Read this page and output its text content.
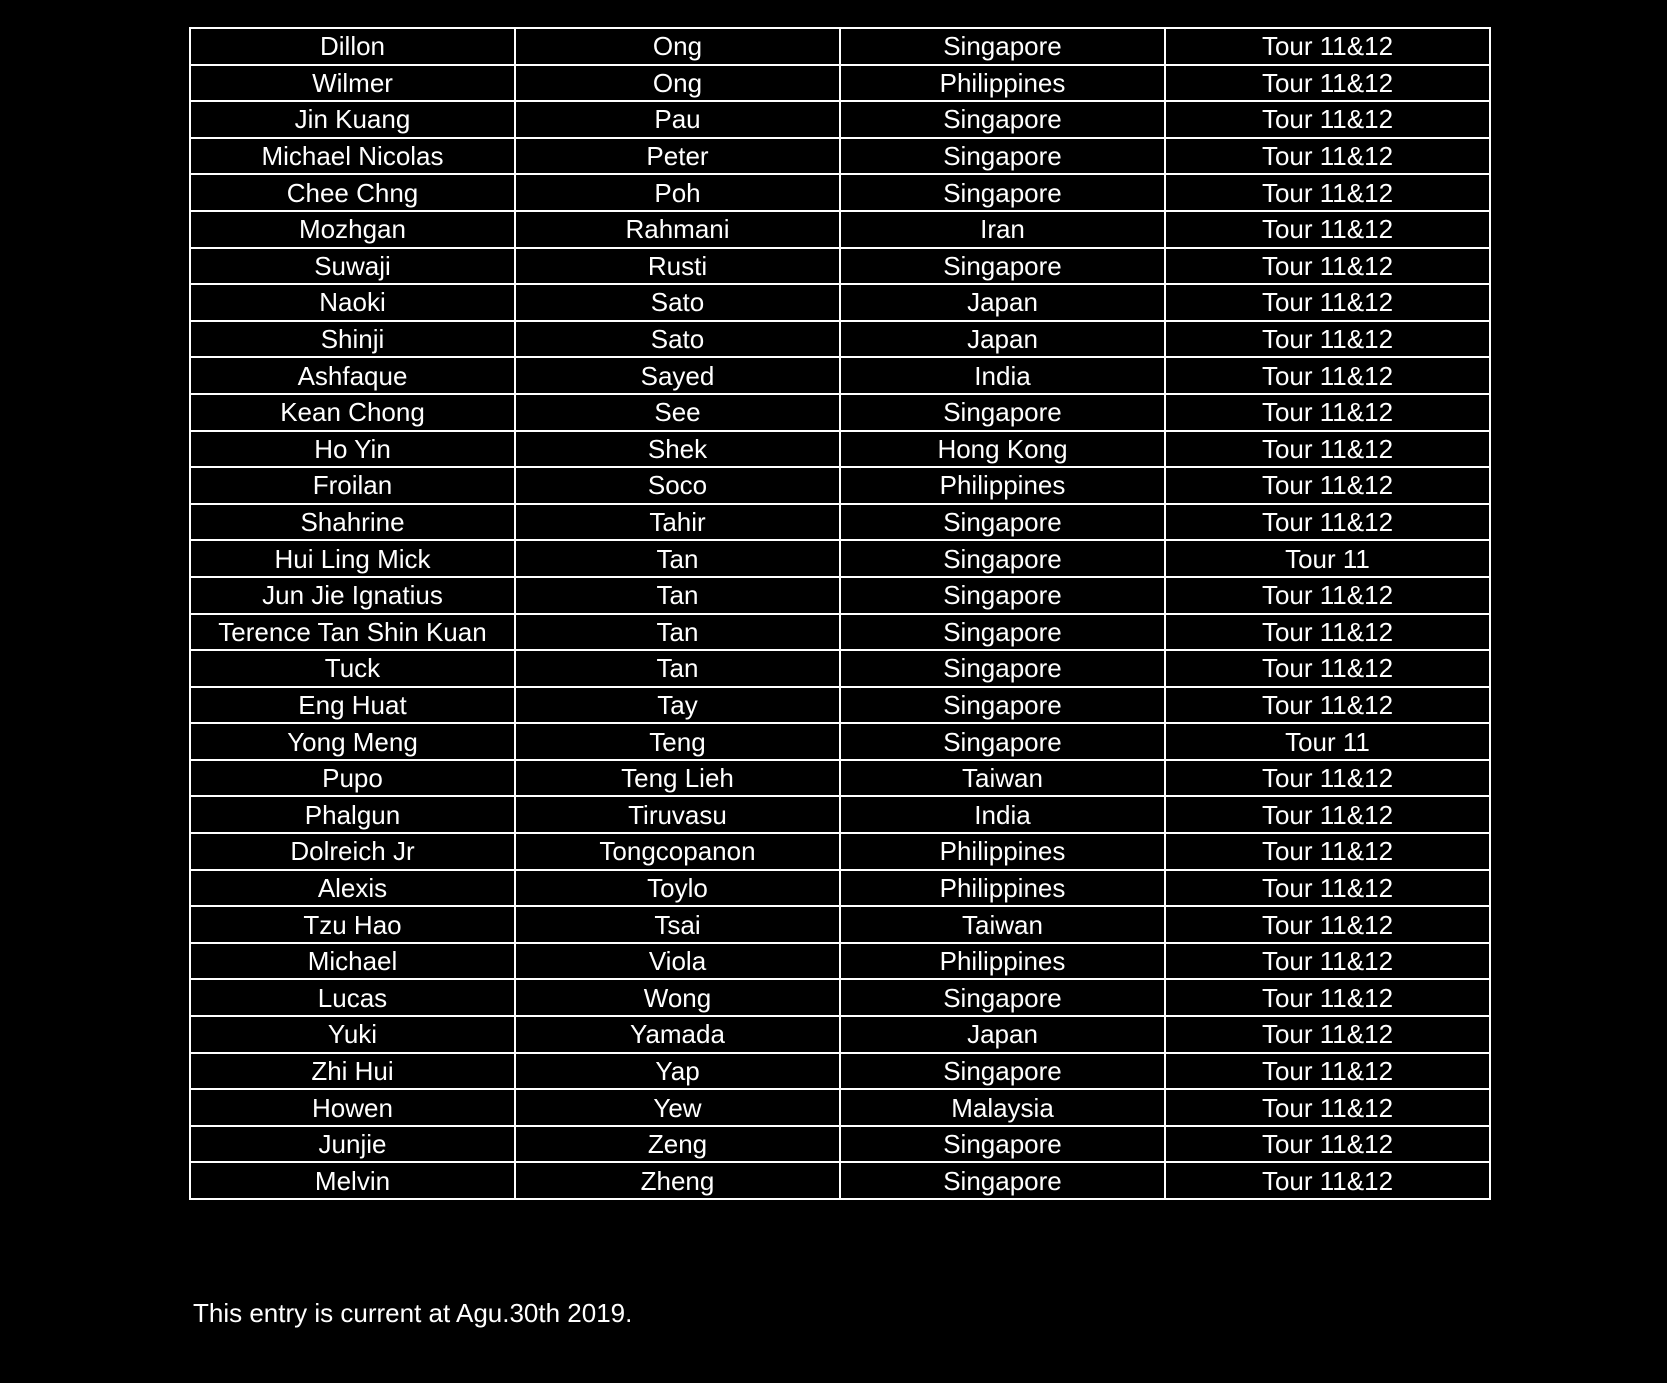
Dillon	Ong	Singapore	Tour 11&12
Wilmer	Ong	Philippines	Tour 11&12
Jin Kuang	Pau	Singapore	Tour 11&12
Michael Nicolas	Peter	Singapore	Tour 11&12
Chee Chng	Poh	Singapore	Tour 11&12
Mozhgan	Rahmani	Iran	Tour 11&12
Suwaji	Rusti	Singapore	Tour 11&12
Naoki	Sato	Japan	Tour 11&12
Shinji	Sato	Japan	Tour 11&12
Ashfaque	Sayed	India	Tour 11&12
Kean Chong	See	Singapore	Tour 11&12
Ho Yin	Shek	Hong Kong	Tour 11&12
Froilan	Soco	Philippines	Tour 11&12
Shahrine	Tahir	Singapore	Tour 11&12
Hui Ling Mick	Tan	Singapore	Tour 11
Jun Jie Ignatius	Tan	Singapore	Tour 11&12
Terence Tan Shin Kuan	Tan	Singapore	Tour 11&12
Tuck	Tan	Singapore	Tour 11&12
Eng Huat	Tay	Singapore	Tour 11&12
Yong Meng	Teng	Singapore	Tour 11
Pupo	Teng Lieh	Taiwan	Tour 11&12
Phalgun	Tiruvasu	India	Tour 11&12
Dolreich Jr	Tongcopanon	Philippines	Tour 11&12
Alexis	Toylo	Philippines	Tour 11&12
Tzu Hao	Tsai	Taiwan	Tour 11&12
Michael	Viola	Philippines	Tour 11&12
Lucas	Wong	Singapore	Tour 11&12
Yuki	Yamada	Japan	Tour 11&12
Zhi Hui	Yap	Singapore	Tour 11&12
Howen	Yew	Malaysia	Tour 11&12
Junjie	Zeng	Singapore	Tour 11&12
Melvin	Zheng	Singapore	Tour 11&12

This entry is current at Agu.30th 2019.
